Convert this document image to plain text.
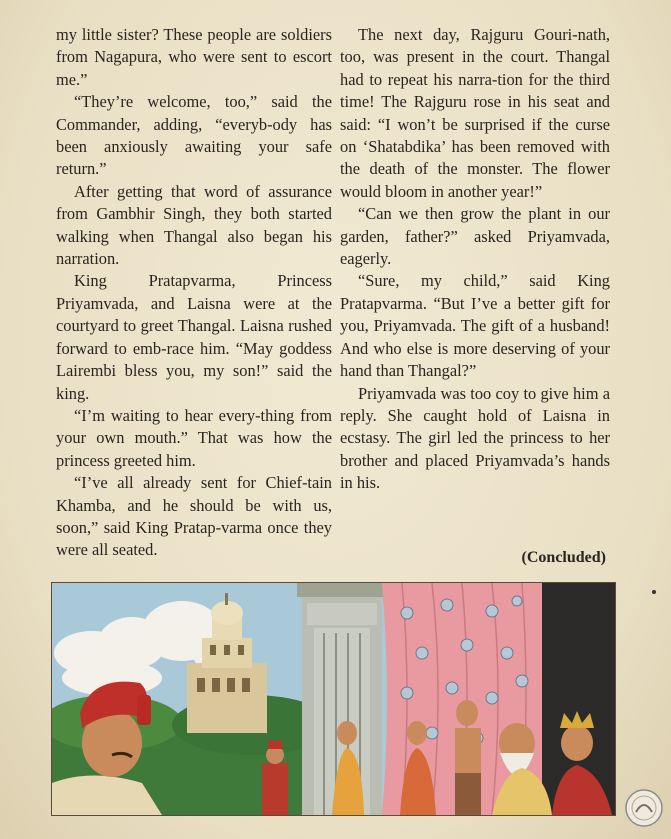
my little sister? These people are soldiers from Nagapura, who were sent to escort me.”

“They’re welcome, too,” said the Commander, adding, “everyb-ody has been anxiously awaiting your safe return.”

After getting that word of assurance from Gambhir Singh, they both started walking when Thangal also began his narration.

King Pratapvarma, Princess Priyamvada, and Laisna were at the courtyard to greet Thangal. Laisna rushed forward to emb-race him. “May goddess Lairembi bless you, my son!” said the king.

“I’m waiting to hear every-thing from your own mouth.” That was how the princess greeted him.

“I’ve all already sent for Chief-tain Khamba, and he should be with us, soon,” said King Pratap-varma once they were all seated.

The next day, Rajguru Gouri-nath, too, was present in the court. Thangal had to repeat his narra-tion for the third time! The Rajguru rose in his seat and said: “I won’t be surprised if the curse on ‘Shatabdika’ has been removed with the death of the monster. The flower would bloom in another year!”

“Can we then grow the plant in our garden, father?” asked Priyamvada, eagerly.

“Sure, my child,” said King Pratapvarma. “But I’ve a better gift for you, Priyamvada. The gift of a husband! And who else is more deserving of your hand than Thangal?”

Priyamvada was too coy to give him a reply. She caught hold of Laisna in ecstasy. The girl led the princess to her brother and placed Priyamvada’s hands in his.

(Concluded)
